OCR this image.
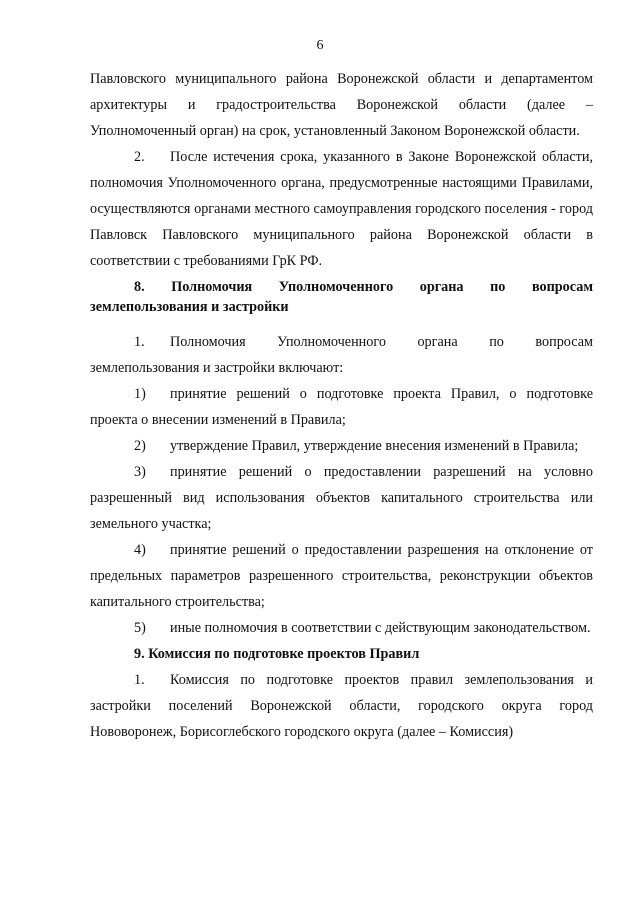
6

Павловского муниципального района Воронежской области и департаментом архитектуры и градостроительства Воронежской области (далее – Уполномоченный орган) на срок, установленный Законом Воронежской области.

2. После истечения срока, указанного в Законе Воронежской области, полномочия Уполномоченного органа, предусмотренные настоящими Правилами, осуществляются органами местного самоуправления городского поселения - город Павловск Павловского муниципального района Воронежской области в соответствии с требованиями ГрК РФ.

8. Полномочия Уполномоченного органа по вопросам землепользования и застройки

1. Полномочия Уполномоченного органа по вопросам землепользования и застройки включают:

1) принятие решений о подготовке проекта Правил, о подготовке проекта о внесении изменений в Правила;

2) утверждение Правил, утверждение внесения изменений в Правила;

3) принятие решений о предоставлении разрешений на условно разрешенный вид использования объектов капитального строительства или земельного участка;

4) принятие решений о предоставлении разрешения на отклонение от предельных параметров разрешенного строительства, реконструкции объектов капитального строительства;

5) иные полномочия в соответствии с действующим законодательством.

9. Комиссия по подготовке проектов Правил

1. Комиссия по подготовке проектов правил землепользования и застройки поселений Воронежской области, городского округа город Нововоронеж, Борисоглебского городского округа (далее – Комиссия)
